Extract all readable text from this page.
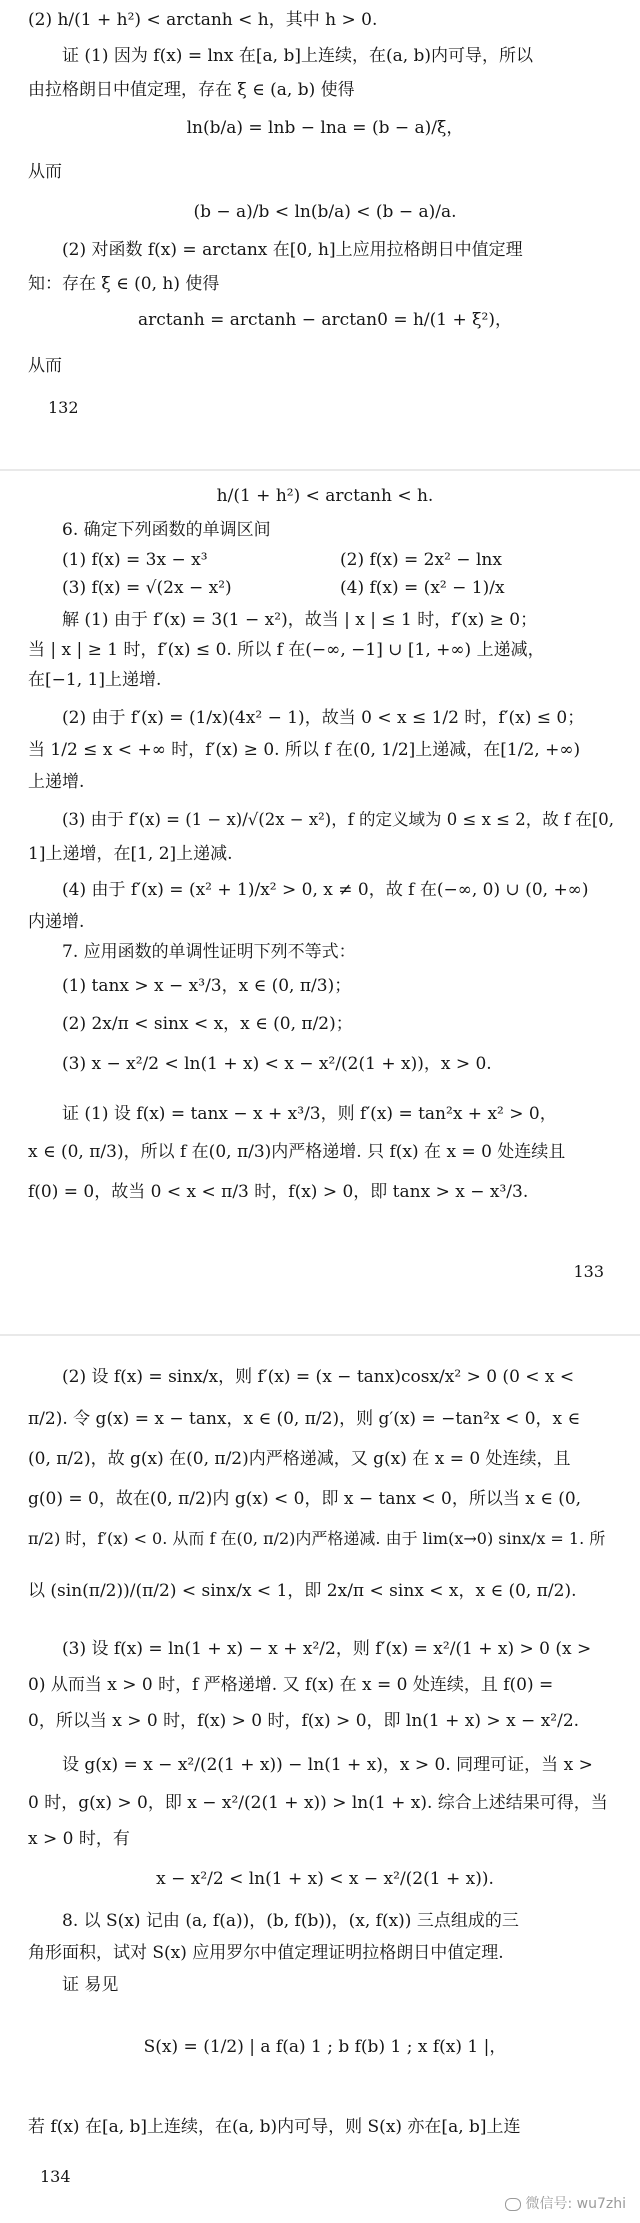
(2) h/(1 + h²) < arctanh < h，其中 h > 0.
证 (1) 因为 f(x) = lnx 在[a, b]上连续，在(a, b)内可导，所以
由拉格朗日中值定理，存在 ξ ∈ (a, b) 使得
ln(b/a) = lnb − lna = (b − a)/ξ，
从而
(b − a)/b < ln(b/a) < (b − a)/a.
(2) 对函数 f(x) = arctanx 在[0, h]上应用拉格朗日中值定理
知：存在 ξ ∈ (0, h) 使得
arctanh = arctanh − arctan0 = h/(1 + ξ²)，
从而
132
h/(1 + h²) < arctanh < h.
6. 确定下列函数的单调区间
(1) f(x) = 3x − x³	(2) f(x) = 2x² − lnx
(3) f(x) = √(2x − x²)	(4) f(x) = (x² − 1)/x
解 (1) 由于 f′(x) = 3(1 − x²)，故当 | x | ≤ 1 时，f′(x) ≥ 0；
当 | x | ≥ 1 时，f′(x) ≤ 0. 所以 f 在(−∞, −1] ∪ [1, +∞) 上递减，
在[−1, 1]上递增.
(2) 由于 f′(x) = (1/x)(4x² − 1)，故当 0 < x ≤ 1/2 时，f′(x) ≤ 0；
当 1/2 ≤ x < +∞ 时，f′(x) ≥ 0. 所以 f 在(0, 1/2]上递减，在[1/2, +∞)
上递增.
(3) 由于 f′(x) = (1 − x)/√(2x − x²)，f 的定义域为 0 ≤ x ≤ 2，故 f 在[0,
1]上递增，在[1, 2]上递减.
(4) 由于 f′(x) = (x² + 1)/x² > 0, x ≠ 0，故 f 在(−∞, 0) ∪ (0, +∞)
内递增.
7. 应用函数的单调性证明下列不等式：
(1) tanx > x − x³/3，x ∈ (0, π/3)；
(2) 2x/π < sinx < x，x ∈ (0, π/2)；
(3) x − x²/2 < ln(1 + x) < x − x²/(2(1 + x))，x > 0.
证 (1) 设 f(x) = tanx − x + x³/3，则 f′(x) = tan²x + x² > 0，
x ∈ (0, π/3)，所以 f 在(0, π/3)内严格递增. 只 f(x) 在 x = 0 处连续且
f(0) = 0，故当 0 < x < π/3 时，f(x) > 0，即 tanx > x − x³/3.
133
(2) 设 f(x) = sinx/x，则 f′(x) = (x − tanx)cosx/x² > 0 (0 < x <
π/2). 令 g(x) = x − tanx，x ∈ (0, π/2)，则 g′(x) = −tan²x < 0，x ∈
(0, π/2)，故 g(x) 在(0, π/2)内严格递减，又 g(x) 在 x = 0 处连续，且
g(0) = 0，故在(0, π/2)内 g(x) < 0，即 x − tanx < 0，所以当 x ∈ (0,
π/2) 时，f′(x) < 0. 从而 f 在(0, π/2)内严格递减. 由于 lim(x→0) sinx/x = 1. 所
以 (sin(π/2))/(π/2) < sinx/x < 1，即 2x/π < sinx < x，x ∈ (0, π/2).
(3) 设 f(x) = ln(1 + x) − x + x²/2，则 f′(x) = x²/(1 + x) > 0 (x >
0) 从而当 x > 0 时，f 严格递增. 又 f(x) 在 x = 0 处连续，且 f(0) =
0，所以当 x > 0 时，f(x) > 0 时，f(x) > 0，即 ln(1 + x) > x − x²/2.
设 g(x) = x − x²/(2(1 + x)) − ln(1 + x)，x > 0. 同理可证，当 x >
0 时，g(x) > 0，即 x − x²/(2(1 + x)) > ln(1 + x). 综合上述结果可得，当
x > 0 时，有
x − x²/2 < ln(1 + x) < x − x²/(2(1 + x)).
8. 以 S(x) 记由 (a, f(a))，(b, f(b))，(x, f(x)) 三点组成的三
角形面积，试对 S(x) 应用罗尔中值定理证明拉格朗日中值定理.
证 易见
S(x) = (1/2) | a f(a) 1 ; b f(b) 1 ; x f(x) 1 |，
若 f(x) 在[a, b]上连续，在(a, b)内可导，则 S(x) 亦在[a, b]上连
134
微信号: wu7zhi
